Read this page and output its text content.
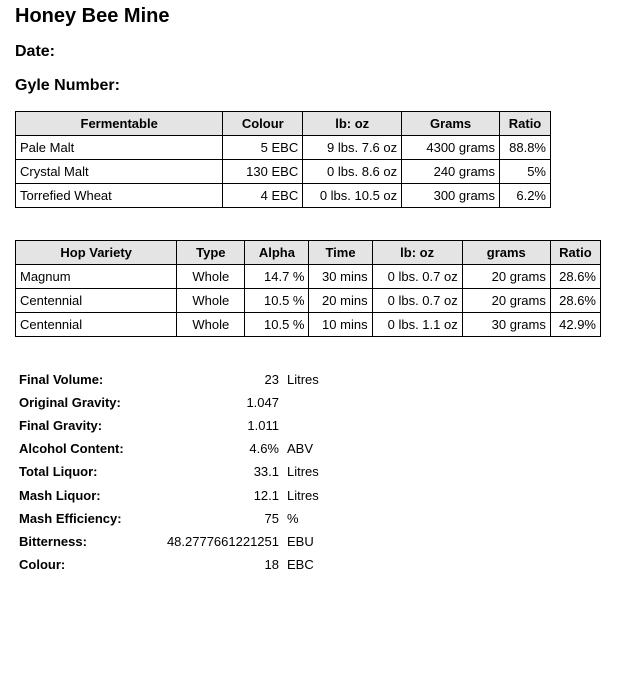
Honey Bee Mine
Date:
Gyle Number:
Fermentable	Colour	lb: oz	Grams	Ratio
Pale Malt	5 EBC	9 lbs. 7.6 oz	4300 grams	88.8%
Crystal Malt	130 EBC	0 lbs. 8.6 oz	240 grams	5%
Torrefied Wheat	4 EBC	0 lbs. 10.5 oz	300 grams	6.2%
Hop Variety	Type	Alpha	Time	lb: oz	grams	Ratio
Magnum	Whole	14.7 %	30 mins	0 lbs. 0.7 oz	20 grams	28.6%
Centennial	Whole	10.5 %	20 mins	0 lbs. 0.7 oz	20 grams	28.6%
Centennial	Whole	10.5 %	10 mins	0 lbs. 1.1 oz	30 grams	42.9%
Final Volume:	23	Litres
Original Gravity:	1.047	
Final Gravity:	1.011	
Alcohol Content:	4.6%	ABV
Total Liquor:	33.1	Litres
Mash Liquor:	12.1	Litres
Mash Efficiency:	75	%
Bitterness:	48.2777661221251	EBU
Colour:	18	EBC
